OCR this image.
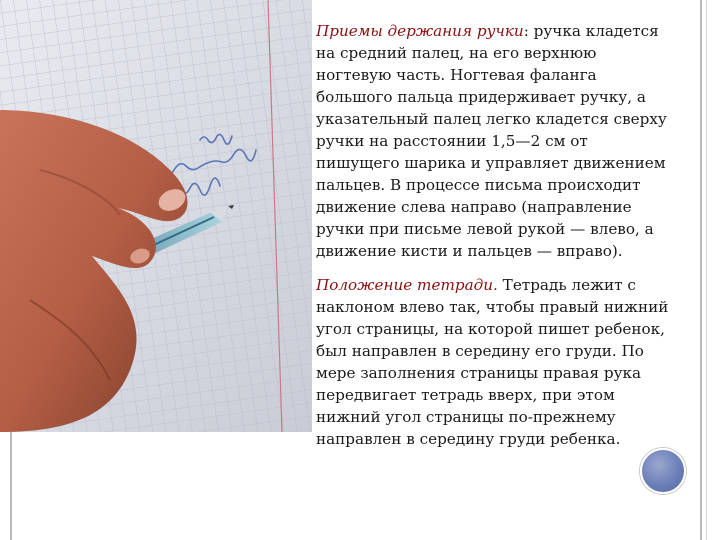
Приемы держания ручки: ручка кладется на средний палец, на его верхнюю ногтевую часть. Ногтевая фаланга большого пальца придерживает ручку, а указательный палец легко кладется сверху ручки на расстоянии 1,5—2 см от пишущего шарика и управляет движением пальцев. В процессе письма происходит движение слева направо (направление ручки при письме левой рукой — влево, а движение кисти и пальцев — вправо).

Положение тетради. Тетрадь лежит с наклоном влево так, чтобы правый нижний угол страницы, на которой пишет ребенок, был направлен в середину его груди. По мере заполнения страницы правая рука передвигает тетрадь вверх, при этом нижний угол страницы по-прежнему направлен в середину груди ребенка.
